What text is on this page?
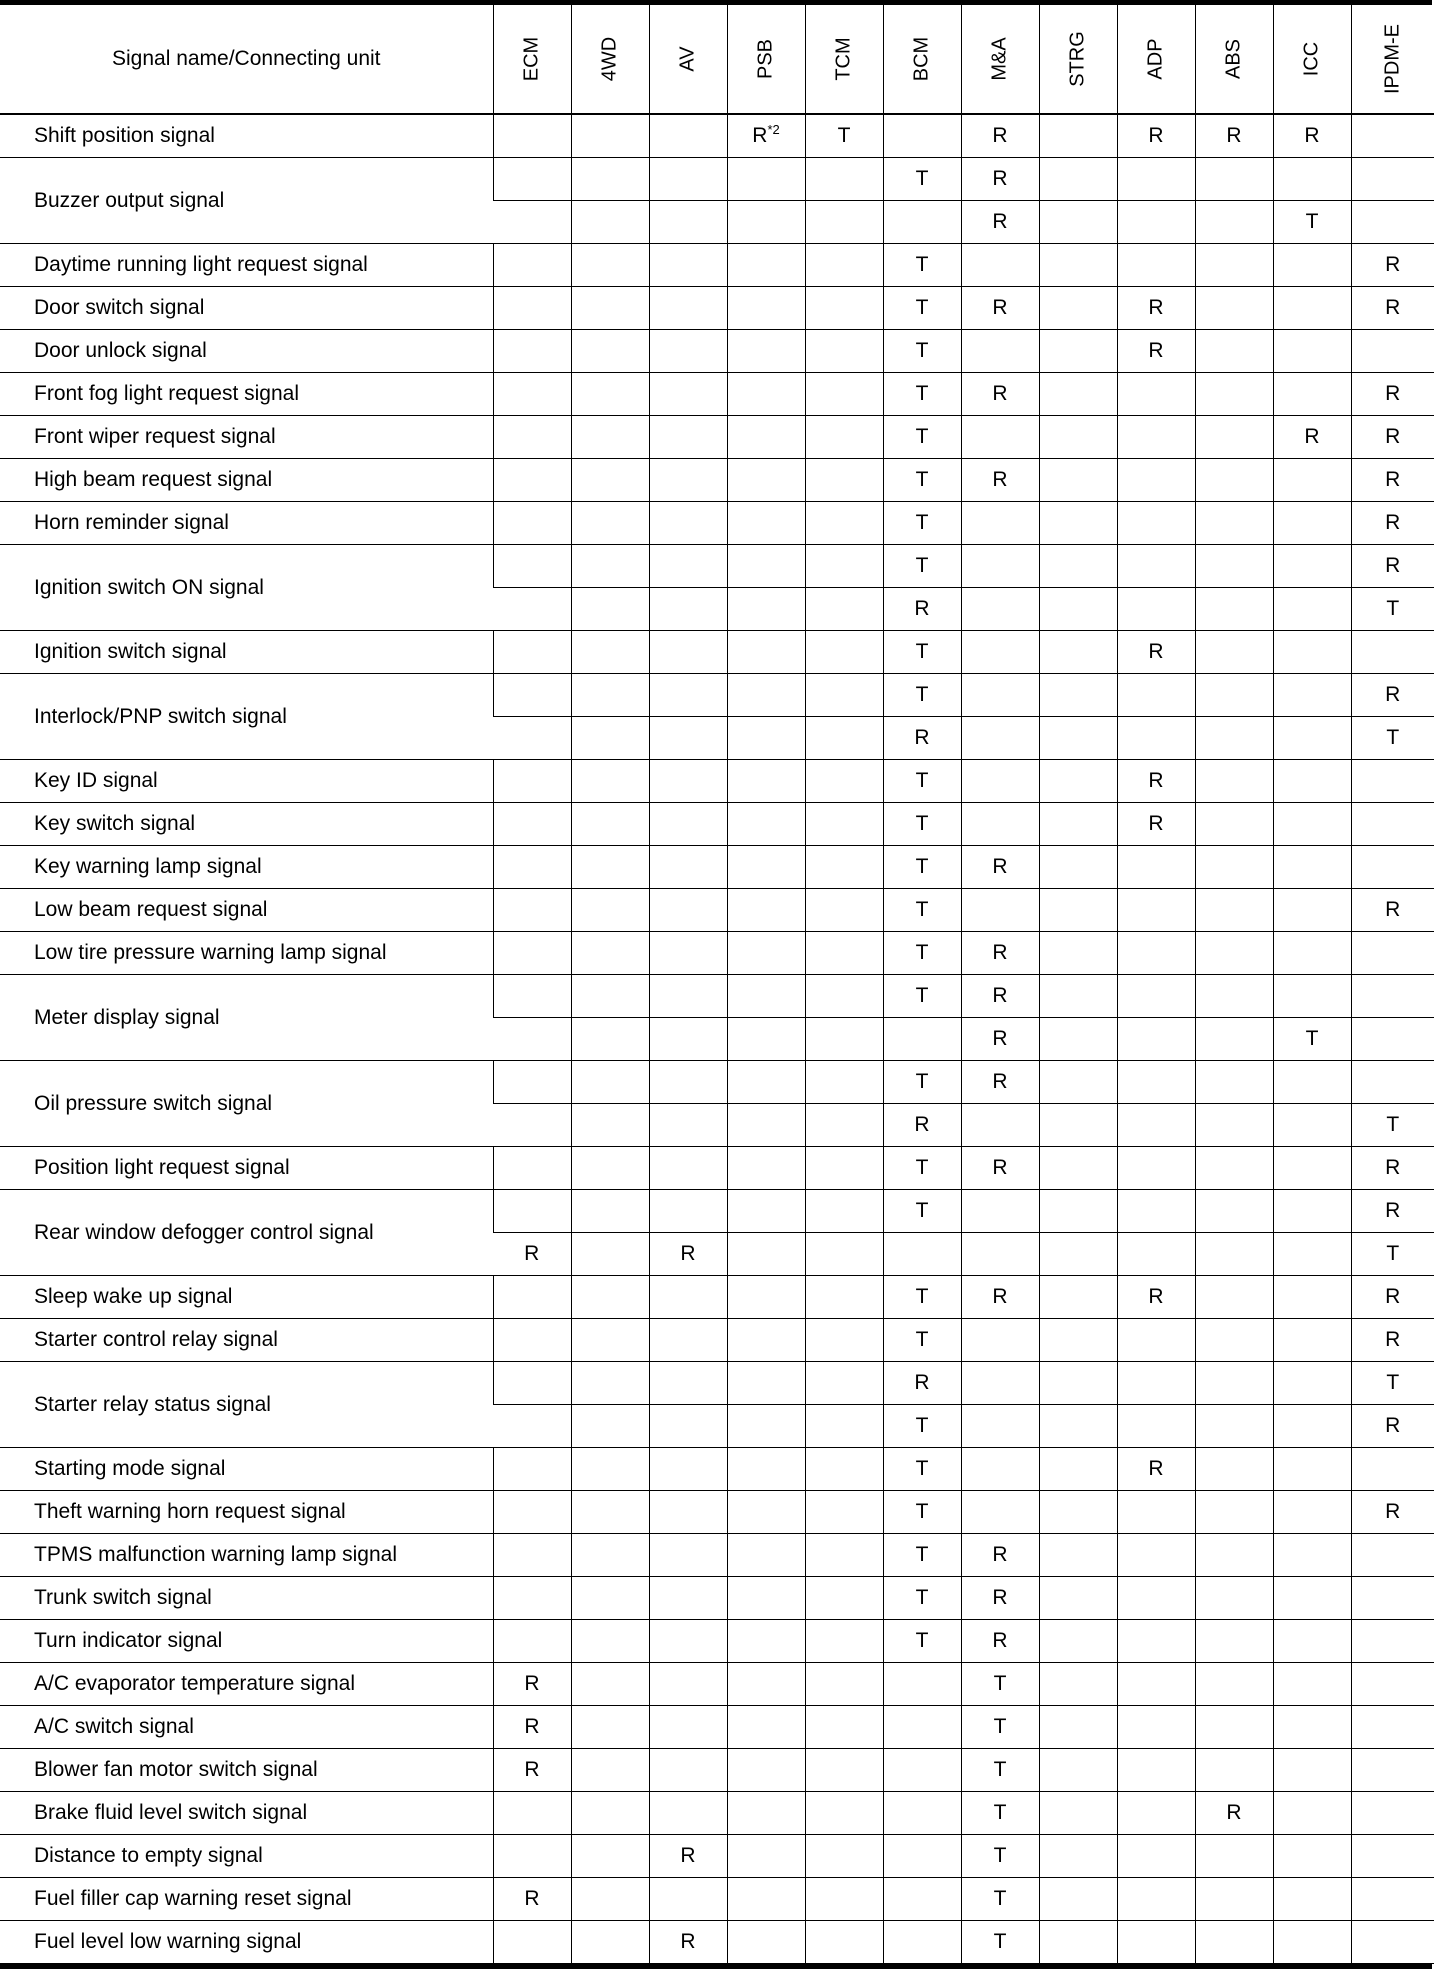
Signal name/Connecting unit	ECM	4WD	AV	PSB	TCM	BCM	M&A	STRG	ADP	ABS	ICC	IPDM-E

Shift position signal				$R^{*2}$	T		R		R	R	R	
Buzzer output signal						T	R					
							R				T	
Daytime running light request signal						T						R
Door switch signal						T	R		R			R
Door unlock signal						T			R			
Front fog light request signal						T	R					R
Front wiper request signal						T					R	R
High beam request signal						T	R					R
Horn reminder signal						T						R
Ignition switch ON signal						T						R
						R						T
Ignition switch signal						T			R			
Interlock/PNP switch signal						T						R
						R						T
Key ID signal						T			R			
Key switch signal						T			R			
Key warning lamp signal						T	R					
Low beam request signal						T						R
Low tire pressure warning lamp signal						T	R					
Meter display signal						T	R					
							R				T	
Oil pressure switch signal						T	R					
						R						T
Position light request signal						T	R					R
Rear window defogger control signal						T						R
	R		R									T
Sleep wake up signal						T	R		R			R
Starter control relay signal						T						R
Starter relay status signal						R						T
						T						R
Starting mode signal						T			R			
Theft warning horn request signal						T						R
TPMS malfunction warning lamp signal						T	R					
Trunk switch signal						T	R					
Turn indicator signal						T	R					
A/C evaporator temperature signal	R						T					
A/C switch signal	R						T					
Blower fan motor switch signal	R						T					
Brake fluid level switch signal							T			R		
Distance to empty signal			R				T					
Fuel filler cap warning reset signal	R						T					
Fuel level low warning signal			R				T					
